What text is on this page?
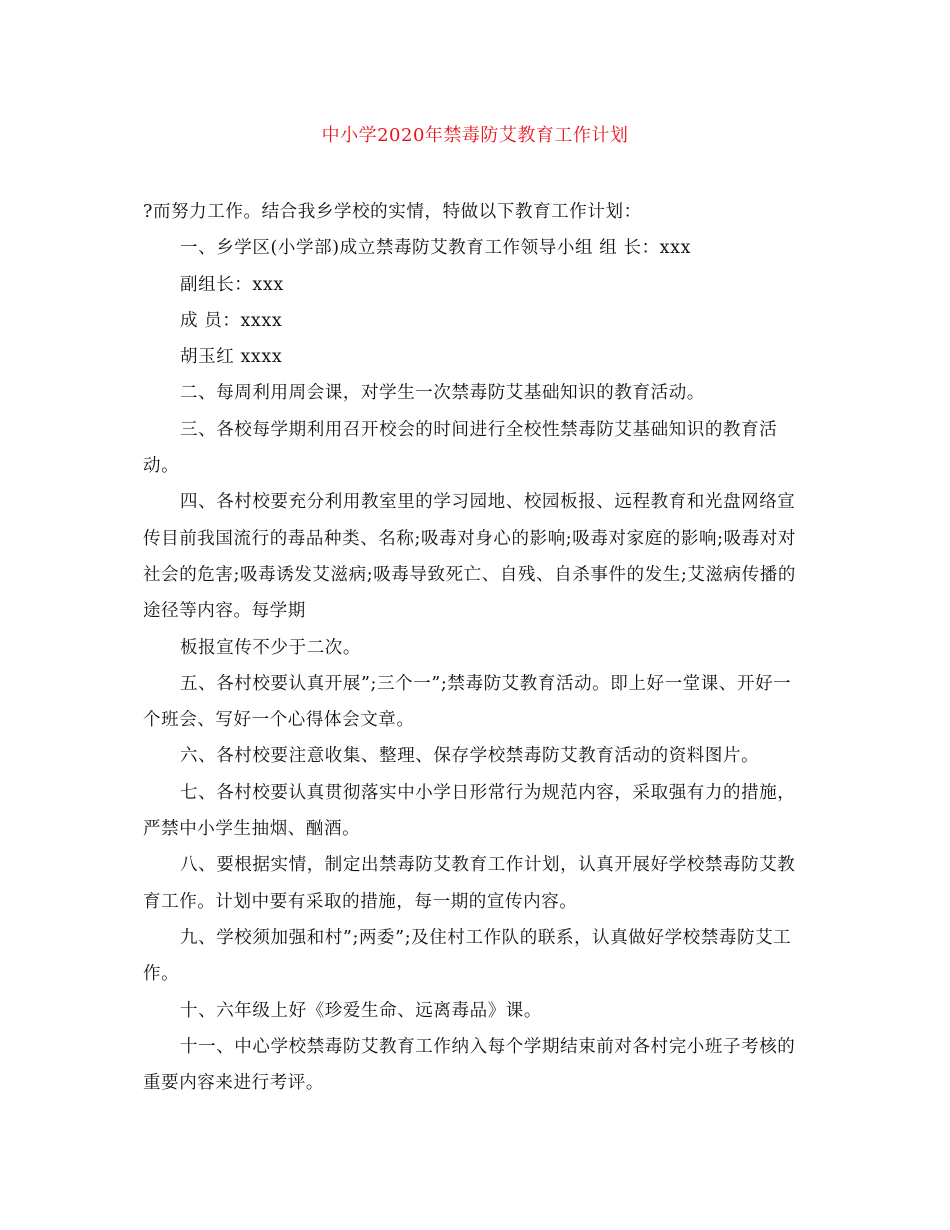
中小学2020年禁毒防艾教育工作计划

?而努力工作。结合我乡学校的实情，特做以下教育工作计划：

一、乡学区(小学部)成立禁毒防艾教育工作领导小组 组 长：xxx

副组长：xxx

成 员：xxxx

胡玉红 xxxx

二、每周利用周会课，对学生一次禁毒防艾基础知识的教育活动。

三、各校每学期利用召开校会的时间进行全校性禁毒防艾基础知识的教育活动。

四、各村校要充分利用教室里的学习园地、校园板报、远程教育和光盘网络宣传目前我国流行的毒品种类、名称;吸毒对身心的影响;吸毒对家庭的影响;吸毒对对社会的危害;吸毒诱发艾滋病;吸毒导致死亡、自残、自杀事件的发生;艾滋病传播的途径等内容。每学期

板报宣传不少于二次。

五、各村校要认真开展”;三个一”;禁毒防艾教育活动。即上好一堂课、开好一个班会、写好一个心得体会文章。

六、各村校要注意收集、整理、保存学校禁毒防艾教育活动的资料图片。

七、各村校要认真贯彻落实中小学日形常行为规范内容，采取强有力的措施，严禁中小学生抽烟、酗酒。

八、要根据实情，制定出禁毒防艾教育工作计划，认真开展好学校禁毒防艾教育工作。计划中要有采取的措施，每一期的宣传内容。

九、学校须加强和村”;两委”;及住村工作队的联系，认真做好学校禁毒防艾工作。

十、六年级上好《珍爱生命、远离毒品》课。

十一、中心学校禁毒防艾教育工作纳入每个学期结束前对各村完小班子考核的重要内容来进行考评。
